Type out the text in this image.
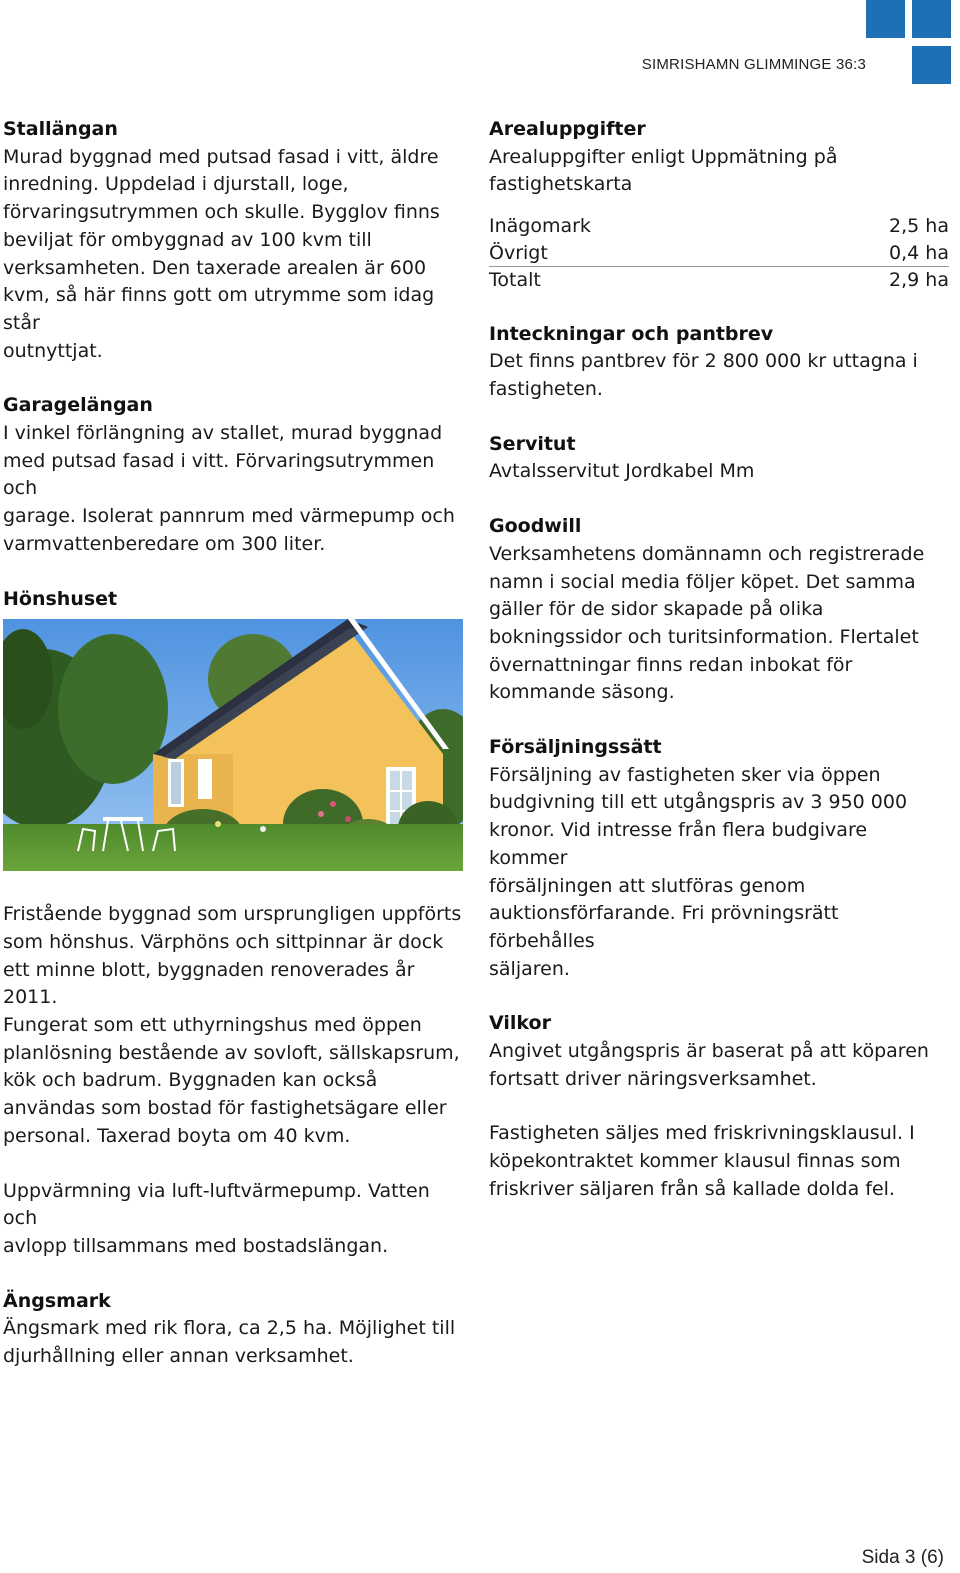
SIMRISHAMN GLIMMINGE 36:3
Stallängan

Murad byggnad med putsad fasad i vitt, äldre

inredning. Uppdelad i djurstall, loge,

förvaringsutrymmen och skulle. Bygglov finns

beviljat för ombyggnad av 100 kvm till

verksamheten. Den taxerade arealen är 600

kvm, så här finns gott om utrymme som idag står

outnyttjat.

Garagelängan

I vinkel förlängning av stallet, murad byggnad

med putsad fasad i vitt. Förvaringsutrymmen och

garage. Isolerat pannrum med värmepump och

varmvattenberedare om 300 liter.

Hönshuset

Fristående byggnad som ursprungligen uppförts

som hönshus. Värphöns och sittpinnar är dock

ett minne blott, byggnaden renoverades år 2011.

Fungerat som ett uthyrningshus med öppen

planlösning bestående av sovloft, sällskapsrum,

kök och badrum. Byggnaden kan också

användas som bostad för fastighetsägare eller

personal. Taxerad boyta om 40 kvm.

Uppvärmning via luft-luftvärmepump. Vatten och

avlopp tillsammans med bostadslängan.

Ängsmark

Ängsmark med rik flora, ca 2,5 ha. Möjlighet till

djurhållning eller annan verksamhet.

Arealuppgifter

Arealuppgifter enligt Uppmätning på

fastighetskarta

Inägomark	2,5 ha
Övrigt	0,4 ha
Totalt	2,9 ha
Inteckningar och pantbrev

Det finns pantbrev för 2 800 000 kr uttagna i

fastigheten.

Servitut

Avtalsservitut Jordkabel Mm

Goodwill

Verksamhetens domännamn och registrerade

namn i social media följer köpet. Det samma

gäller för de sidor skapade på olika

bokningssidor och turitsinformation. Flertalet

övernattningar finns redan inbokat för

kommande säsong.

Försäljningssätt

Försäljning av fastigheten sker via öppen

budgivning till ett utgångspris av 3 950 000

kronor. Vid intresse från flera budgivare kommer

försäljningen att slutföras genom

auktionsförfarande. Fri prövningsrätt förbehålles

säljaren.

Vilkor

Angivet utgångspris är baserat på att köparen

fortsatt driver näringsverksamhet.

Fastigheten säljes med friskrivningsklausul. I

köpekontraktet kommer klausul finnas som

friskriver säljaren från så kallade dolda fel.

Sida 3 (6)
